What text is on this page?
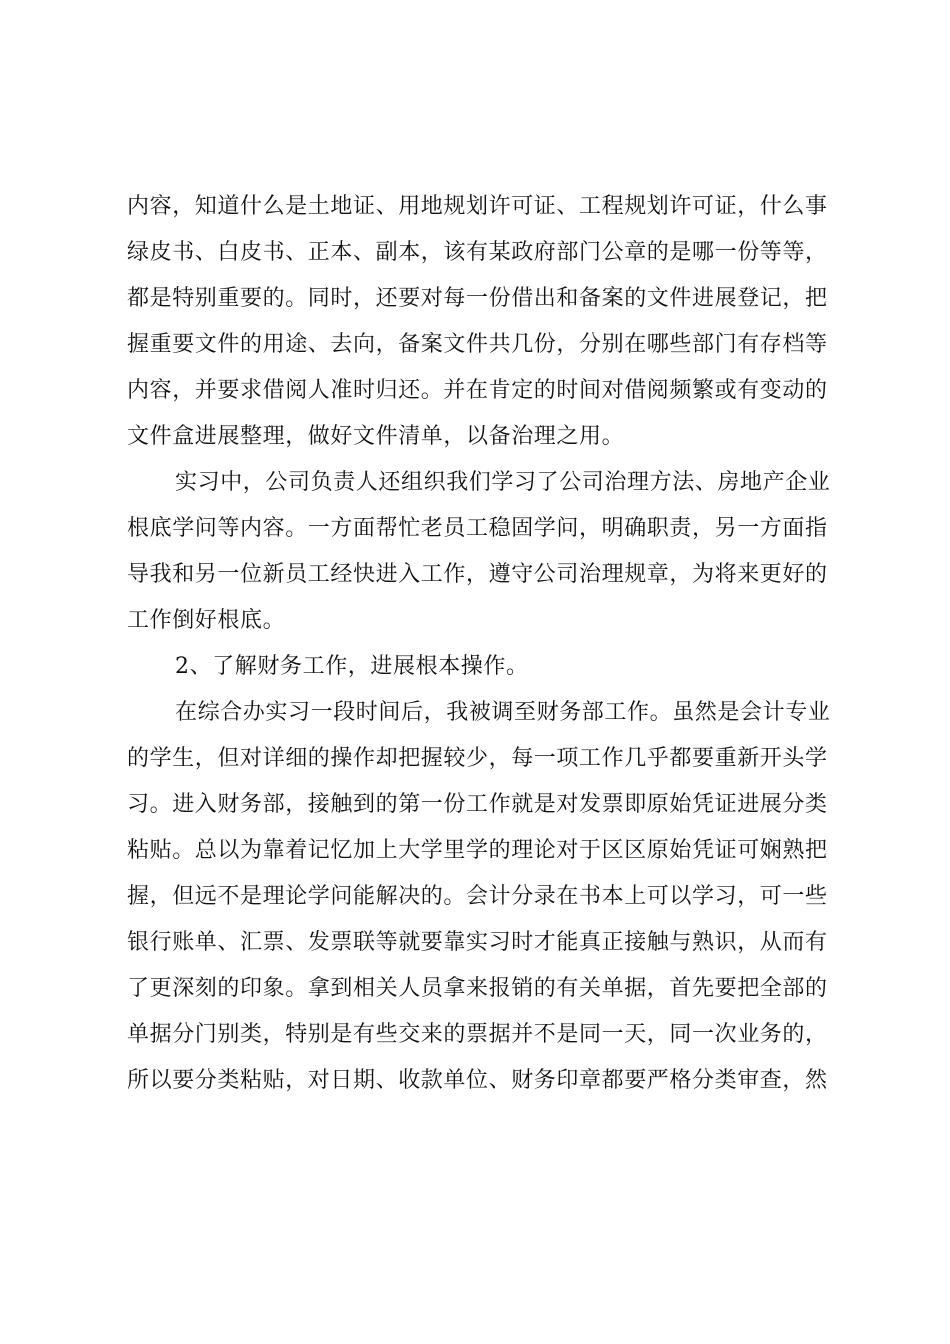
内容，知道什么是土地证、用地规划许可证、工程规划许可证，什么事
绿皮书、白皮书、正本、副本，该有某政府部门公章的是哪一份等等，
都是特别重要的。同时，还要对每一份借出和备案的文件进展登记，把
握重要文件的用途、去向，备案文件共几份，分别在哪些部门有存档等
内容，并要求借阅人准时归还。并在肯定的时间对借阅频繁或有变动的
文件盒进展整理，做好文件清单，以备治理之用。
实习中，公司负责人还组织我们学习了公司治理方法、房地产企业
根底学问等内容。一方面帮忙老员工稳固学问，明确职责，另一方面指
导我和另一位新员工经快进入工作，遵守公司治理规章，为将来更好的
工作倒好根底。
2、了解财务工作，进展根本操作。
在综合办实习一段时间后，我被调至财务部工作。虽然是会计专业
的学生，但对详细的操作却把握较少，每一项工作几乎都要重新开头学
习。进入财务部，接触到的第一份工作就是对发票即原始凭证进展分类
粘贴。总以为靠着记忆加上大学里学的理论对于区区原始凭证可娴熟把
握，但远不是理论学问能解决的。会计分录在书本上可以学习，可一些
银行账单、汇票、发票联等就要靠实习时才能真正接触与熟识，从而有
了更深刻的印象。拿到相关人员拿来报销的有关单据，首先要把全部的
单据分门别类，特别是有些交来的票据并不是同一天，同一次业务的，
所以要分类粘贴，对日期、收款单位、财务印章都要严格分类审查，然
